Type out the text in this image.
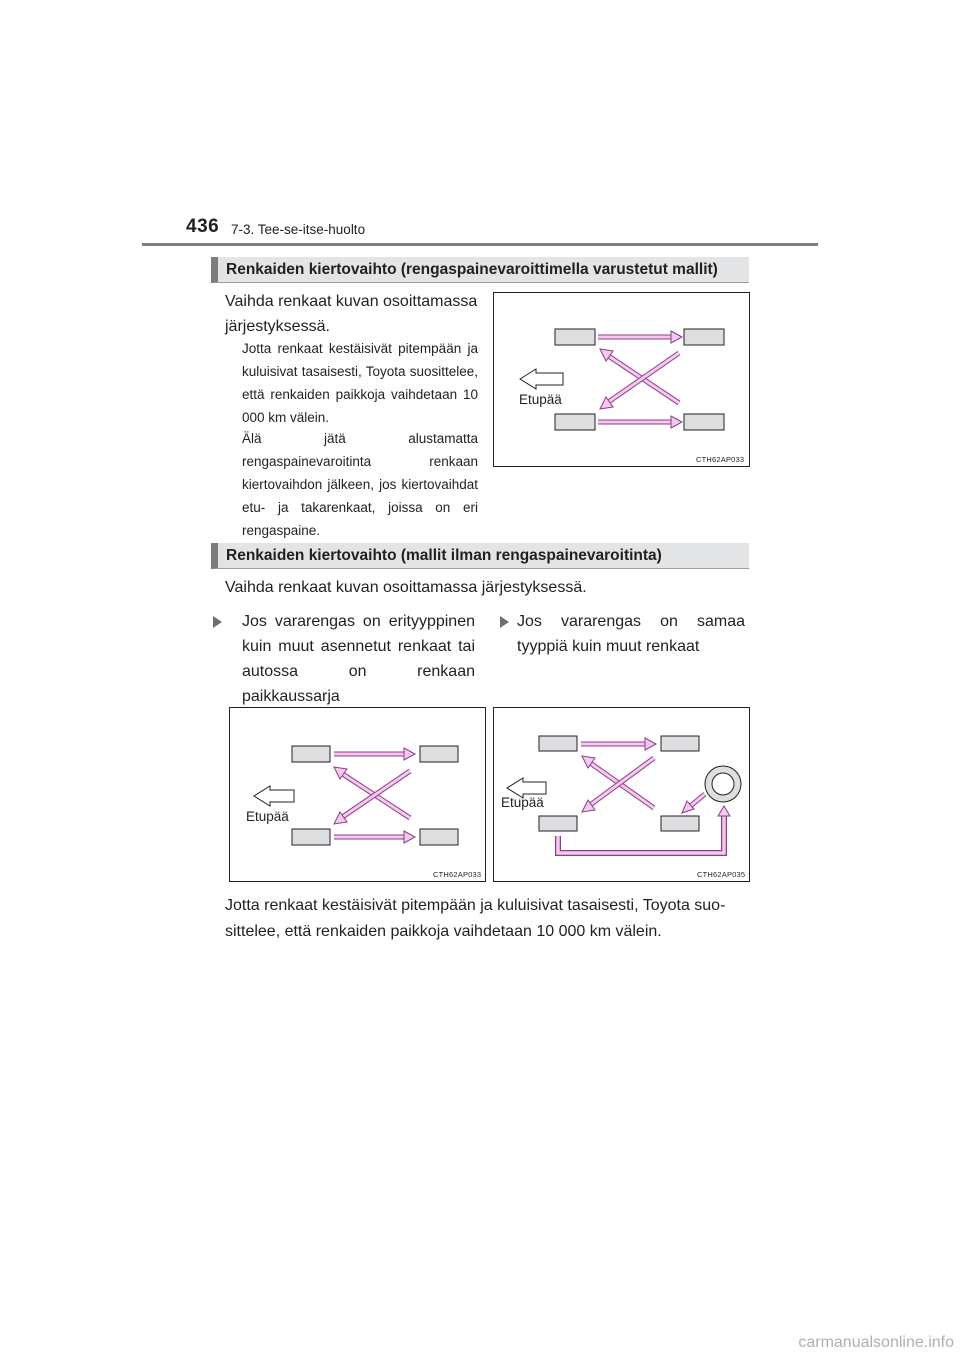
436 7-3. Tee-se-itse-huolto
Renkaiden kiertovaihto (rengaspainevaroittimella varustetut mallit)
Vaihda renkaat kuvan osoittamassa
järjestyksessä.
Jotta renkaat kestäisivät pitempään ja kuluisivat tasaisesti, Toyota suosittelee, että renkaiden paikkoja vaihdetaan 10 000 km välein.
Älä jätä alustamatta rengaspainevaroitinta renkaan kiertovaihdon jälkeen, jos kiertovaihdat etu- ja takarenkaat, joissa on eri rengaspaine.
Etupää
CTH62AP033
Renkaiden kiertovaihto (mallit ilman rengaspainevaroitinta)
Vaihda renkaat kuvan osoittamassa järjestyksessä.
Jos vararengas on erityyppinen kuin muut asennetut renkaat tai autossa on renkaan paikkaussarja
Jos vararengas on samaa tyyppiä kuin muut renkaat
Etupää
CTH62AP033
Etupää
CTH62AP035
Jotta renkaat kestäisivät pitempään ja kuluisivat tasaisesti, Toyota suo-
sittelee, että renkaiden paikkoja vaihdetaan 10 000 km välein.
carmanualsonline.info
